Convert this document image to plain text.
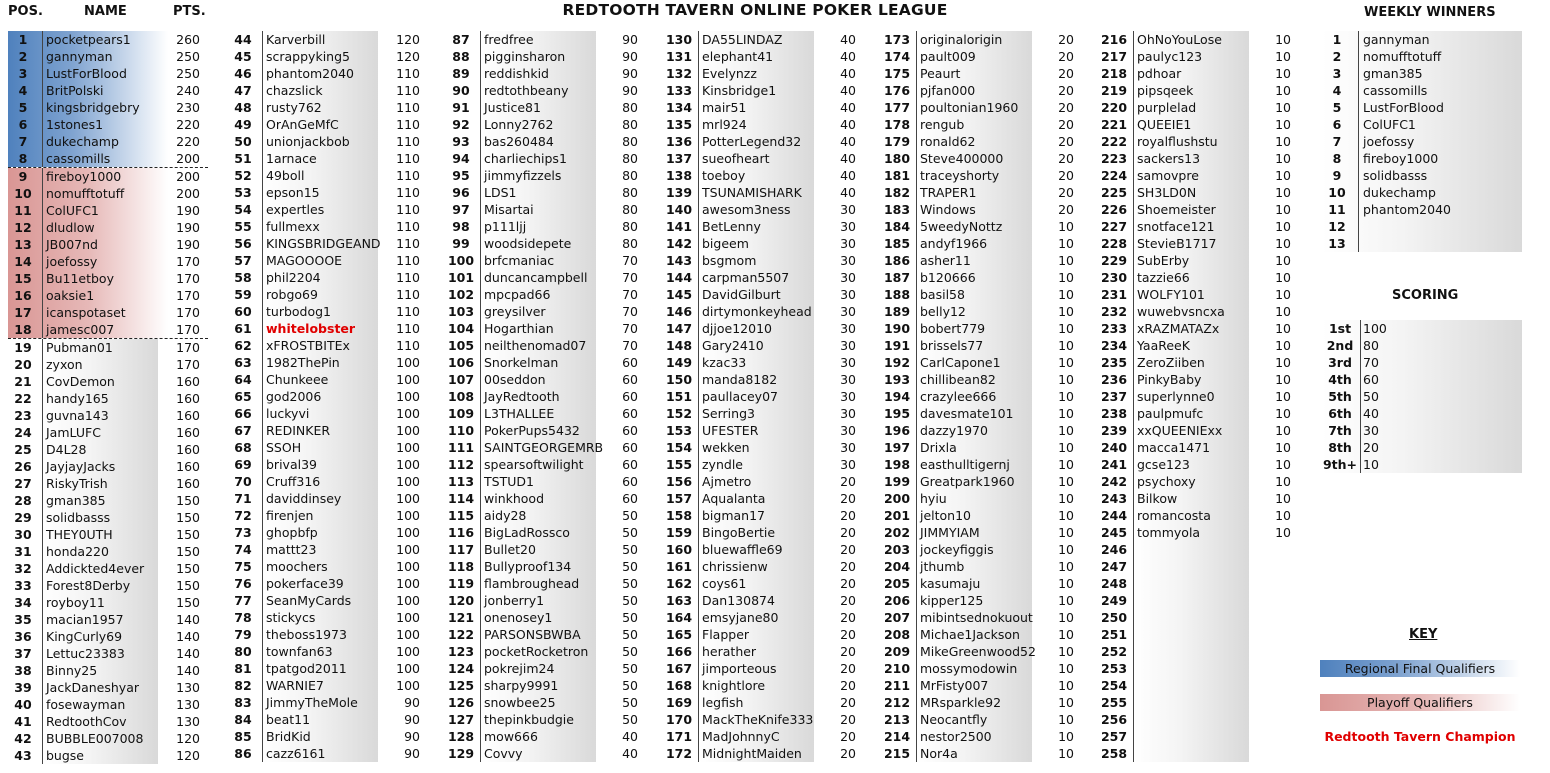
POS.	NAME	PTS.	REDTOOTH TAVERN ONLINE POKER LEAGUE
1	pocketpears1	260
2	gannyman	250
3	LustForBlood	250
4	BritPolski	240
5	kingsbridgebry	230
6	1stones1	220
7	dukechamp	220
8	cassomills	200
9	fireboy1000	200
10	nomufftotuff	200
11	ColUFC1	190
12	dludlow	190
13	JB007nd	190
14	joefossy	170
15	Bu11etboy	170
16	oaksie1	170
17	icanspotaset	170
18	jamesc007	170
19	Pubman01	170
20	zyxon	170
21	CovDemon	160
22	handy165	160
23	guvna143	160
24	JamLUFC	160
25	D4L28	160
26	JayjayJacks	160
27	RiskyTrish	160
28	gman385	150
29	solidbasss	150
30	THEY0UTH	150
31	honda220	150
32	Addickted4ever	150
33	Forest8Derby	150
34	royboy11	150
35	macian1957	140
36	KingCurly69	140
37	Lettuc23383	140
38	Binny25	140
39	JackDaneshyar	130
40	fosewayman	130
41	RedtoothCov	130
42	BUBBLE007008	120
43	bugse	120
44	Karverbill	120
45	scrappyking5	120
46	phantom2040	110
47	chazslick	110
48	rusty762	110
49	OrAnGeMfC	110
50	unionjackbob	110
51	1arnace	110
52	49boll	110
53	epson15	110
54	expertles	110
55	fullmexx	110
56	KINGSBRIDGEAND 110
57	MAGOOOOE	110
58	phil2204	110
59	robgo69	110
60	turbodog1	110
61	whitelobster	110
62	xFROSTBITEx	110
63	1982ThePin	100
64	Chunkeee	100
65	god2006	100
66	luckyvi	100
67	REDINKER	100
68	SSOH	100
69	brival39	100
70	Cruff316	100
71	daviddinsey	100
72	firenjen	100
73	ghopbfp	100
74	mattt23	100
75	moochers	100
76	pokerface39	100
77	SeanMyCards	100
78	stickycs	100
79	theboss1973	100
80	townfan63	100
81	tpatgod2011	100
82	WARNIE7	100
83	JimmyTheMole	90
84	beat11	90
85	BridKid	90
86	cazz6161	90
87	fredfree	90
88	pigginsharon	90
89	reddishkid	90
90	redtothbeany	90
91	Justice81	80
92	Lonny2762	80
93	bas260484	80
94	charliechips1	80
95	jimmyfizzels	80
96	LDS1	80
97	Misartai	80
98	p111ljj	80
99	woodsidepete	80
100 brfcmaniac	70
101 duncancampbell	70
102 mpcpad66	70
103 greysilver	70
104 Hogarthian	70
105 neilthenomad07	70
106 Snorkelman	60
107 00seddon	60
108 JayRedtooth	60
109 L3THALLEE	60
110 PokerPups5432	60
111 SAINTGEORGEMRB 60
112 spearsoftwilight	60
113 TSTUD1	60
114 winkhood	60
115 aidy28	50
116 BigLadRossco	50
117 Bullet20	50
118 Bullyproof134	50
119 flambroughead	50
120 jonberry1	50
121 onenosey1	50
122 PARSONSBWBA	50
123 pocketRocketron	50
124 pokrejim24	50
125 sharpy9991	50
126 snowbee25	50
127 thepinkbudgie	50
128 mow666	40
129 Covvy	40
130 DA55LINDAZ	40
131 elephant41	40
132 Evelynzz	40
133 Kinsbridge1	40
134 mair51	40
135 mrl924	40
136 PotterLegend32	40
137 sueofheart	40
138 toeboy	40
139 TSUNAMISHARK	40
140 awesom3ness	30
141 BetLenny	30
142 bigeem	30
143 bsgmom	30
144 carpman5507	30
145 DavidGilburt	30
146 dirtymonkeyhead 30
147 djjoe12010	30
148 Gary2410	30
149 kzac33	30
150 manda8182	30
151 paullacey07	30
152 Serring3	30
153 UFESTER	30
154 wekken	30
155 zyndle	30
156 Ajmetro	20
157 Aqualanta	20
158 bigman17	20
159 BingoBertie	20
160 bluewaffle69	20
161 chrissienw	20
162 coys61	20
163 Dan130874	20
164 emsyjane80	20
165 Flapper	20
166 herather	20
167 jimporteous	20
168 knightlore	20
169 legfish	20
170 MackTheKnife333 20
171 MadJohnnyC	20
172 MidnightMaiden	20
173 originalorigin	20
174 pault009	20
175 Peaurt	20
176 pjfan000	20
177 poultonian1960	20
178 rengub	20
179 ronald62	20
180 Steve400000	20
181 traceyshorty	20
182 TRAPER1	20
183 Windows	20
184 5weedyNottz	10
185 andyf1966	10
186 asher11	10
187 b120666	10
188 basil58	10
189 belly12	10
190 bobert779	10
191 brissels77	10
192 CarlCapone1	10
193 chillibean82	10
194 crazylee666	10
195 davesmate101	10
196 dazzy1970	10
197 Drixla	10
198 easthulltigernj	10
199 Greatpark1960	10
200 hyiu	10
201 jelton10	10
202 JIMMYIAM	10
203 jockeyfiggis	10
204 jthumb	10
205 kasumaju	10
206 kipper125	10
207 mibintsednokuout 10
208 Michae1Jackson	10
209 MikeGreenwood52 10
210 mossymodowin	10
211 MrFisty007	10
212 MRsparkle92	10
213 Neocantfly	10
214 nestor2500	10
215 Nor4a	10
216 OhNoYouLose	10
217 paulyc123	10
218 pdhoar	10
219 pipsqeek	10
220 purplelad	10
221 QUEEIE1	10
222 royalflushstu	10
223 sackers13	10
224 samovpre	10
225 SH3LD0N	10
226 Shoemeister	10
227 snotface121	10
228 StevieB1717	10
229 SubErby	10
230 tazzie66	10
231 WOLFY101	10
232 wuwebvsncxa	10
233 xRAZMATAZx	10
234 YaaReeK	10
235 ZeroZiiben	10
236 PinkyBaby	10
237 superlynne0	10
238 paulpmufc	10
239 xxQUEENIExx	10
240 macca1471	10
241 gcse123	10
242 psychoxy	10
243 Bilkow	10
244 romancosta	10
245 tommyola	10
246
247
248
249
250
251
252
253
254
255
256
257
258
WEEKLY WINNERS
1	gannyman
2	nomufftotuff
3	gman385
4	cassomills
5	LustForBlood
6	ColUFC1
7	joefossy
8	fireboy1000
9	solidbasss
10	dukechamp
11	phantom2040
12
13
SCORING
1st 100
2nd 80
3rd 70
4th 60
5th 50
6th 40
7th 30
8th 20
9th+ 10
KEY
Regional Final Qualifiers
Playoff Qualifiers
Redtooth Tavern Champion
